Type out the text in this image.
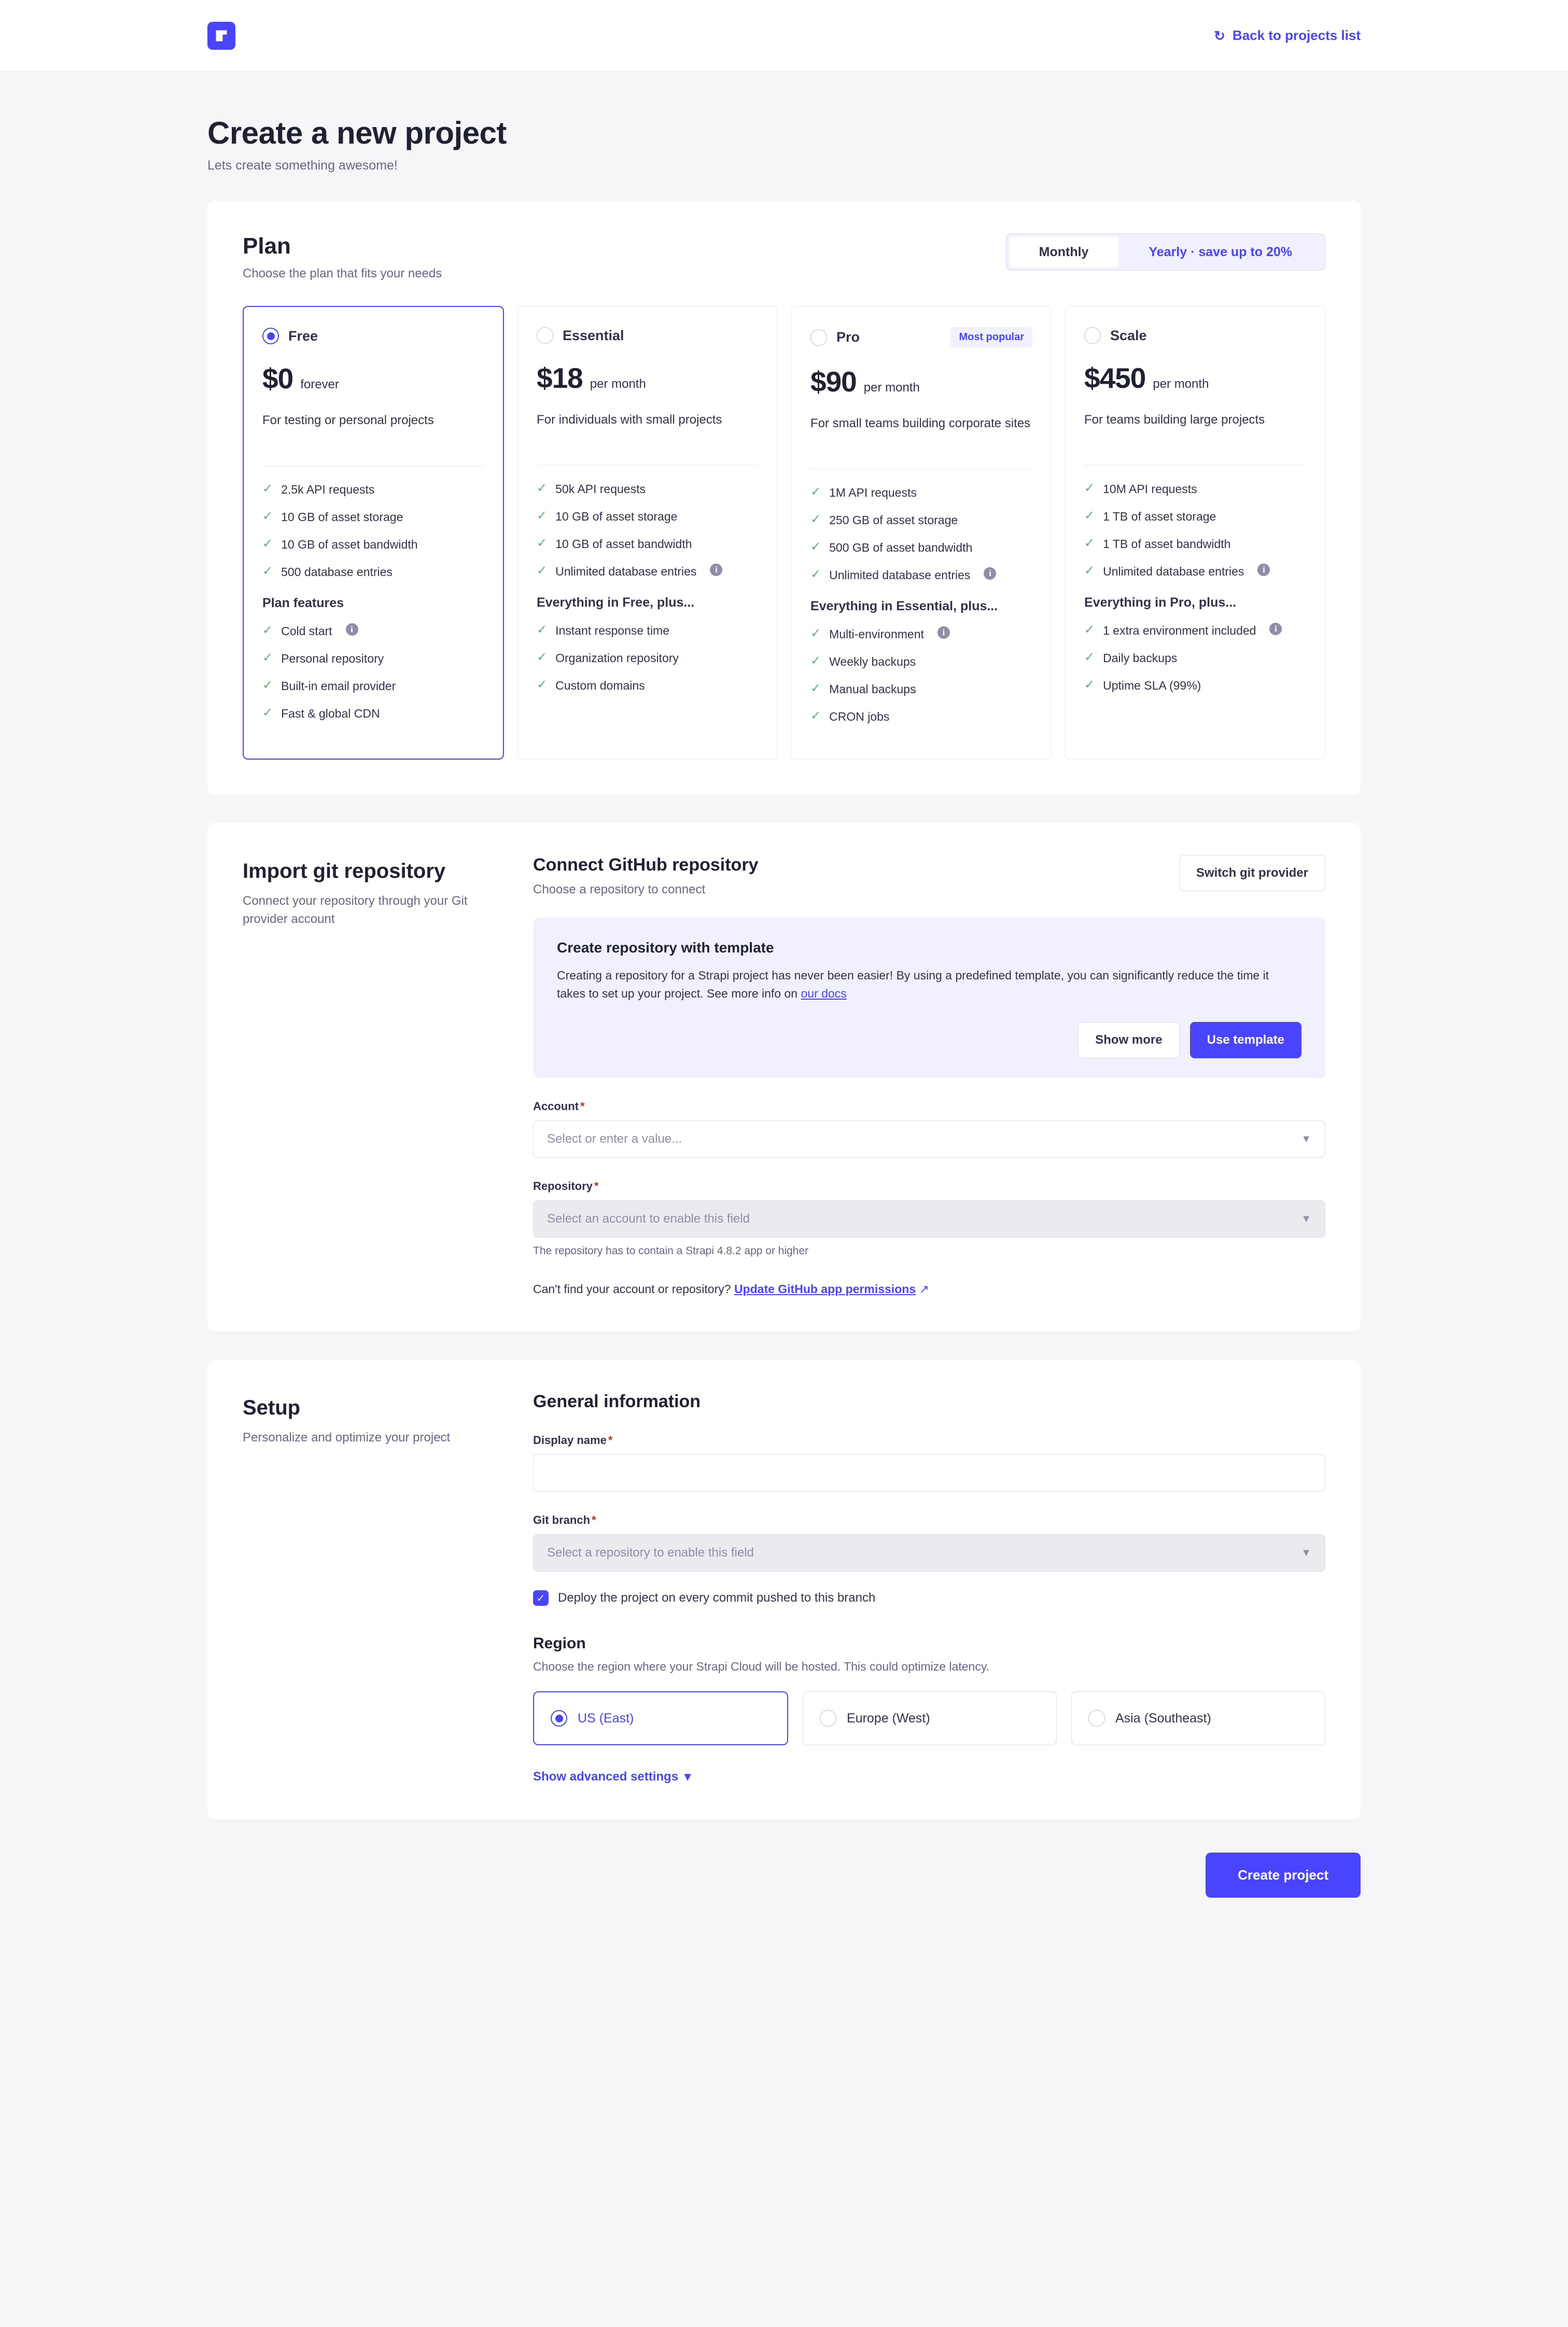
↻ Back to projects list
Create a new project
Lets create something awesome!
Plan
Choose the plan that fits your needs
Monthly	Yearly · save up to 20%
Free
$0 forever
For testing or personal projects
✓ 2.5k API requests
✓ 10 GB of asset storage
✓ 10 GB of asset bandwidth
✓ 500 database entries
Plan features
✓ Cold start	i
✓ Personal repository
✓ Built-in email provider
✓ Fast & global CDN
Essential
$18 per month
For individuals with small projects
✓ 50k API requests
✓ 10 GB of asset storage
✓ 10 GB of asset bandwidth
✓ Unlimited database entries	i
Everything in Free, plus...
✓ Instant response time
✓ Organization repository
✓ Custom domains
Pro	Most popular
$90 per month
For small teams building corporate sites
✓ 1M API requests
✓ 250 GB of asset storage
✓ 500 GB of asset bandwidth
✓ Unlimited database entries	i
Everything in Essential, plus...
✓ Multi-environment	i
✓ Weekly backups
✓ Manual backups
✓ CRON jobs
Scale
$450 per month
For teams building large projects
✓ 10M API requests
✓ 1 TB of asset storage
✓ 1 TB of asset bandwidth
✓ Unlimited database entries	i
Everything in Pro, plus...
✓ 1 extra environment included	i
✓ Daily backups
✓ Uptime SLA (99%)
Import git repository

Connect your repository through your Git provider account

Connect GitHub repository
Choose a repository to connect
Switch git provider
Create repository with template

Creating a repository for a Strapi project has never been easier! By using a predefined template, you can significantly reduce the time it takes to set up your project. See more info on our docs

Show more	Use template
Account *
Select or enter a value...	▼
Repository *
Select an account to enable this field	▼
The repository has to contain a Strapi 4.8.2 app or higher
Can't find your account or repository? Update GitHub app permissions ↗
Setup

Personalize and optimize your project

General information
Display name *
Git branch *
Select a repository to enable this field	▼
✓ Deploy the project on every commit pushed to this branch
Region
Choose the region where your Strapi Cloud will be hosted. This could optimize latency.
US (East)	Europe (West)	Asia (Southeast)
Show advanced settings ▾
Create project
